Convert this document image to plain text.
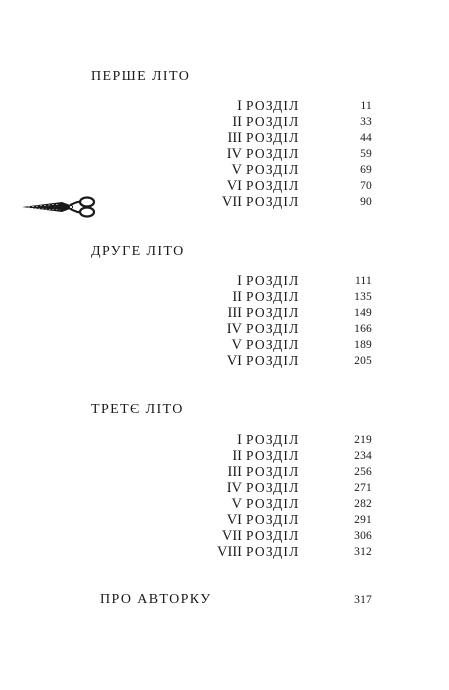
ПЕРШЕ ЛІТО
I РОЗДІЛ	11
II РОЗДІЛ	33
III РОЗДІЛ	44
IV РОЗДІЛ	59
V РОЗДІЛ	69
VI РОЗДІЛ	70
VII РОЗДІЛ	90
ДРУГЕ ЛІТО
I РОЗДІЛ	111
II РОЗДІЛ	135
III РОЗДІЛ	149
IV РОЗДІЛ	166
V РОЗДІЛ	189
VI РОЗДІЛ	205
ТРЕТЄ ЛІТО
I РОЗДІЛ	219
II РОЗДІЛ	234
III РОЗДІЛ	256
IV РОЗДІЛ	271
V РОЗДІЛ	282
VI РОЗДІЛ	291
VII РОЗДІЛ	306
VIII РОЗДІЛ	312
ПРО АВТОРКУ	317
